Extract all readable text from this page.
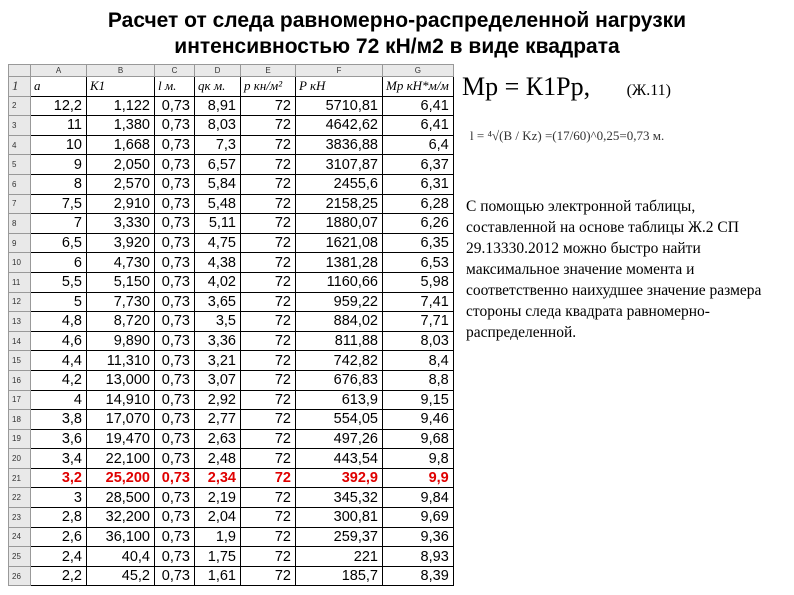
Расчет от следа равномерно-распределенной нагрузки
интенсивностью 72 кН/м2 в виде квадрата
	A	B	C	D	E	F	G
1	a	K1	l м.	qк м.	p кн/м²	P кН	Мр кН*м/м
2	12,2	1,122	0,73	8,91	72	5710,81	6,41
3	11	1,380	0,73	8,03	72	4642,62	6,41
4	10	1,668	0,73	7,3	72	3836,88	6,4
5	9	2,050	0,73	6,57	72	3107,87	6,37
6	8	2,570	0,73	5,84	72	2455,6	6,31
7	7,5	2,910	0,73	5,48	72	2158,25	6,28
8	7	3,330	0,73	5,11	72	1880,07	6,26
9	6,5	3,920	0,73	4,75	72	1621,08	6,35
10	6	4,730	0,73	4,38	72	1381,28	6,53
11	5,5	5,150	0,73	4,02	72	1160,66	5,98
12	5	7,730	0,73	3,65	72	959,22	7,41
13	4,8	8,720	0,73	3,5	72	884,02	7,71
14	4,6	9,890	0,73	3,36	72	811,88	8,03
15	4,4	11,310	0,73	3,21	72	742,82	8,4
16	4,2	13,000	0,73	3,07	72	676,83	8,8
17	4	14,910	0,73	2,92	72	613,9	9,15
18	3,8	17,070	0,73	2,77	72	554,05	9,46
19	3,6	19,470	0,73	2,63	72	497,26	9,68
20	3,4	22,100	0,73	2,48	72	443,54	9,8
21	3,2	25,200	0,73	2,34	72	392,9	9,9
22	3	28,500	0,73	2,19	72	345,32	9,84
23	2,8	32,200	0,73	2,04	72	300,81	9,69
24	2,6	36,100	0,73	1,9	72	259,37	9,36
25	2,4	40,4	0,73	1,75	72	221	8,93
26	2,2	45,2	0,73	1,61	72	185,7	8,39
Мр = К1Рр, (Ж.11)
l = ⁴√(B / Kz) =(17/60)^0,25=0,73 м.
С помощью электронной таблицы, составленной на основе таблицы Ж.2 СП 29.13330.2012 можно быстро найти максимальное значение момента и соответственно наихудшее значение размера стороны следа квадрата равномерно-распределенной.
